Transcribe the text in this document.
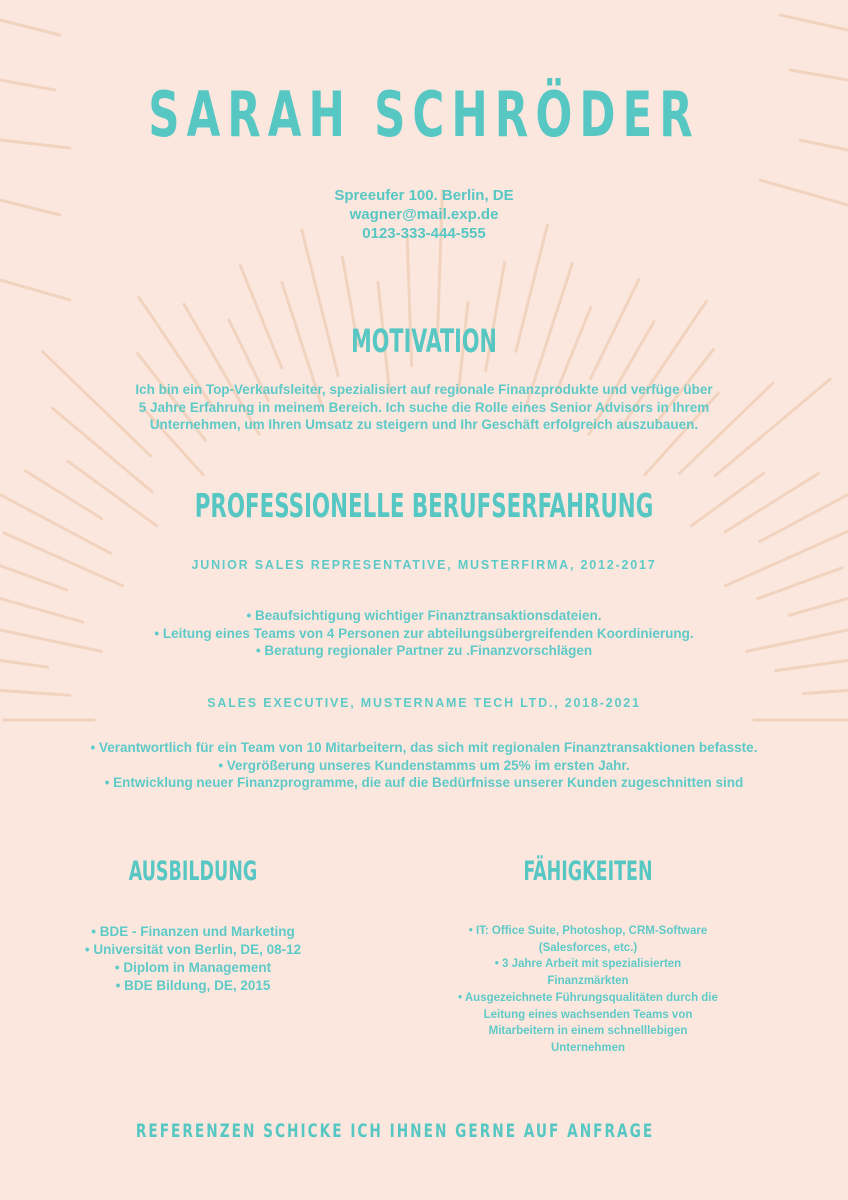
SARAH SCHRÖDER
Spreeufer 100. Berlin, DE
wagner@mail.exp.de
0123-333-444-555
MOTIVATION
Ich bin ein Top-Verkaufsleiter, spezialisiert auf regionale Finanzprodukte und verfüge über
5 Jahre Erfahrung in meinem Bereich. Ich suche die Rolle eines Senior Advisors in Ihrem
Unternehmen, um Ihren Umsatz zu steigern und Ihr Geschäft erfolgreich auszubauen.
PROFESSIONELLE BERUFSERFAHRUNG
JUNIOR SALES REPRESENTATIVE, MUSTERFIRMA, 2012-2017
• Beaufsichtigung wichtiger Finanztransaktionsdateien.
• Leitung eines Teams von 4 Personen zur abteilungsübergreifenden Koordinierung.
• Beratung regionaler Partner zu .Finanzvorschlägen
SALES EXECUTIVE, MUSTERNAME TECH LTD., 2018-2021
• Verantwortlich für ein Team von 10 Mitarbeitern, das sich mit regionalen Finanztransaktionen befasste.
• Vergrößerung unseres Kundenstamms um 25% im ersten Jahr.
• Entwicklung neuer Finanzprogramme, die auf die Bedürfnisse unserer Kunden zugeschnitten sind
AUSBILDUNG
• BDE - Finanzen und Marketing
• Universität von Berlin, DE, 08-12
• Diplom in Management
• BDE Bildung, DE, 2015
FÄHIGKEITEN
• IT: Office Suite, Photoshop, CRM-Software
(Salesforces, etc.)
• 3 Jahre Arbeit mit spezialisierten
Finanzmärkten
• Ausgezeichnete Führungsqualitäten durch die
Leitung eines wachsenden Teams von
Mitarbeitern in einem schnelllebigen
Unternehmen
REFERENZEN SCHICKE ICH IHNEN GERNE AUF ANFRAGE
